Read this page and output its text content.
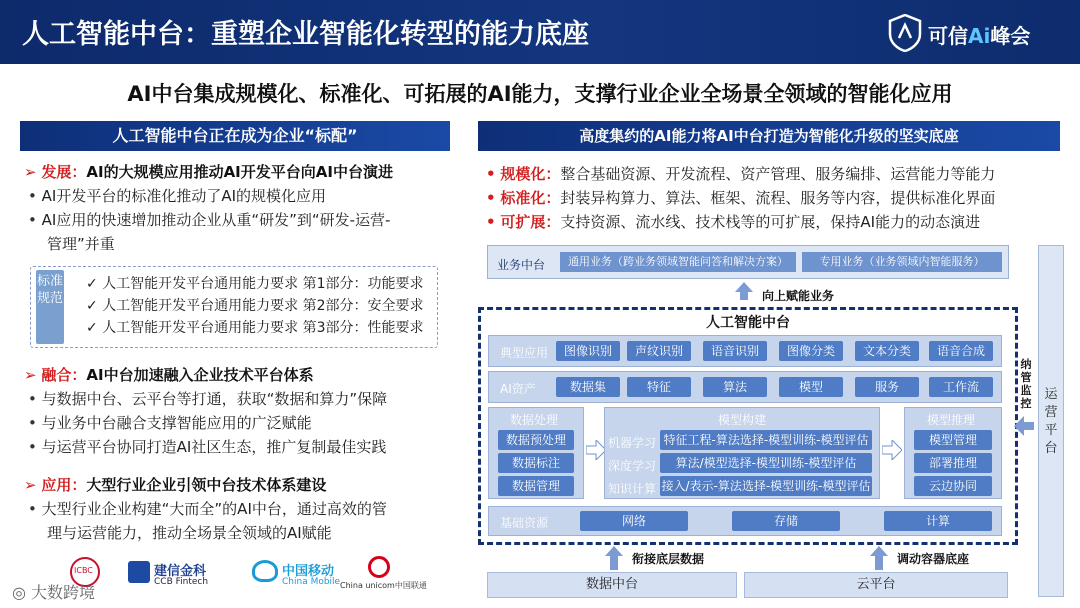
人工智能中台：重塑企业智能化转型的能力底座	可信Ai峰会
AI中台集成规模化、标准化、可拓展的AI能力，支撑行业企业全场景全领域的智能化应用
人工智能中台正在成为企业“标配”
➢ 发展：AI的大规模应用推动AI开发平台向AI中台演进
• AI开发平台的标准化推动了AI的规模化应用
• AI应用的快速增加推动企业从重“研发”到“研发-运营-
管理”并重
标准规范
✓ 人工智能开发平台通用能力要求 第1部分：功能要求
✓ 人工智能开发平台通用能力要求 第2部分：安全要求
✓ 人工智能开发平台通用能力要求 第3部分：性能要求
➢ 融合：AI中台加速融入企业技术平台体系
• 与数据中台、云平台等打通，获取“数据和算力”保障
• 与业务中台融合支撑智能应用的广泛赋能
• 与运营平台协同打造AI社区生态，推广复制最佳实践
➢ 应用：大型行业企业引领中台技术体系建设
• 大型行业企业构建“大而全”的AI中台，通过高效的管
理与运营能力，推动全场景全领域的AI赋能
ICBC	建信金科
CCB Fintech
中国移动
China Mobile China unicom中国联通
◎ 大数跨境
高度集约的AI能力将AI中台打造为智能化升级的坚实底座
• 规模化：整合基础资源、开发流程、资产管理、服务编排、运营能力等能力
• 标准化：封装异构算力、算法、框架、流程、服务等内容，提供标准化界面
• 可扩展：支持资源、流水线、技术栈等的可扩展，保持AI能力的动态演进
业务中台	通用业务（跨业务领域智能问答和解决方案）	专用业务（业务领域内智能服务）
向上赋能业务
人工智能中台
典型应用	图像识别	声纹识别	语音识别	图像分类	文本分类	语音合成
AI资产	数据集	特征	算法	模型	服务	工作流
数据处理
数据预处理
数据标注
数据管理
模型构建
机器学习 特征工程-算法选择-模型训练-模型评估
深度学习	算法/模型选择-模型训练-模型评估
知识计算 接入/表示-算法选择-模型训练-模型评估
模型推理
模型管理
部署推理
云边协同
基础资源	网络	存储	计算
纳管监控
运营平台
衔接底层数据	调动容器底座
数据中台	云平台
